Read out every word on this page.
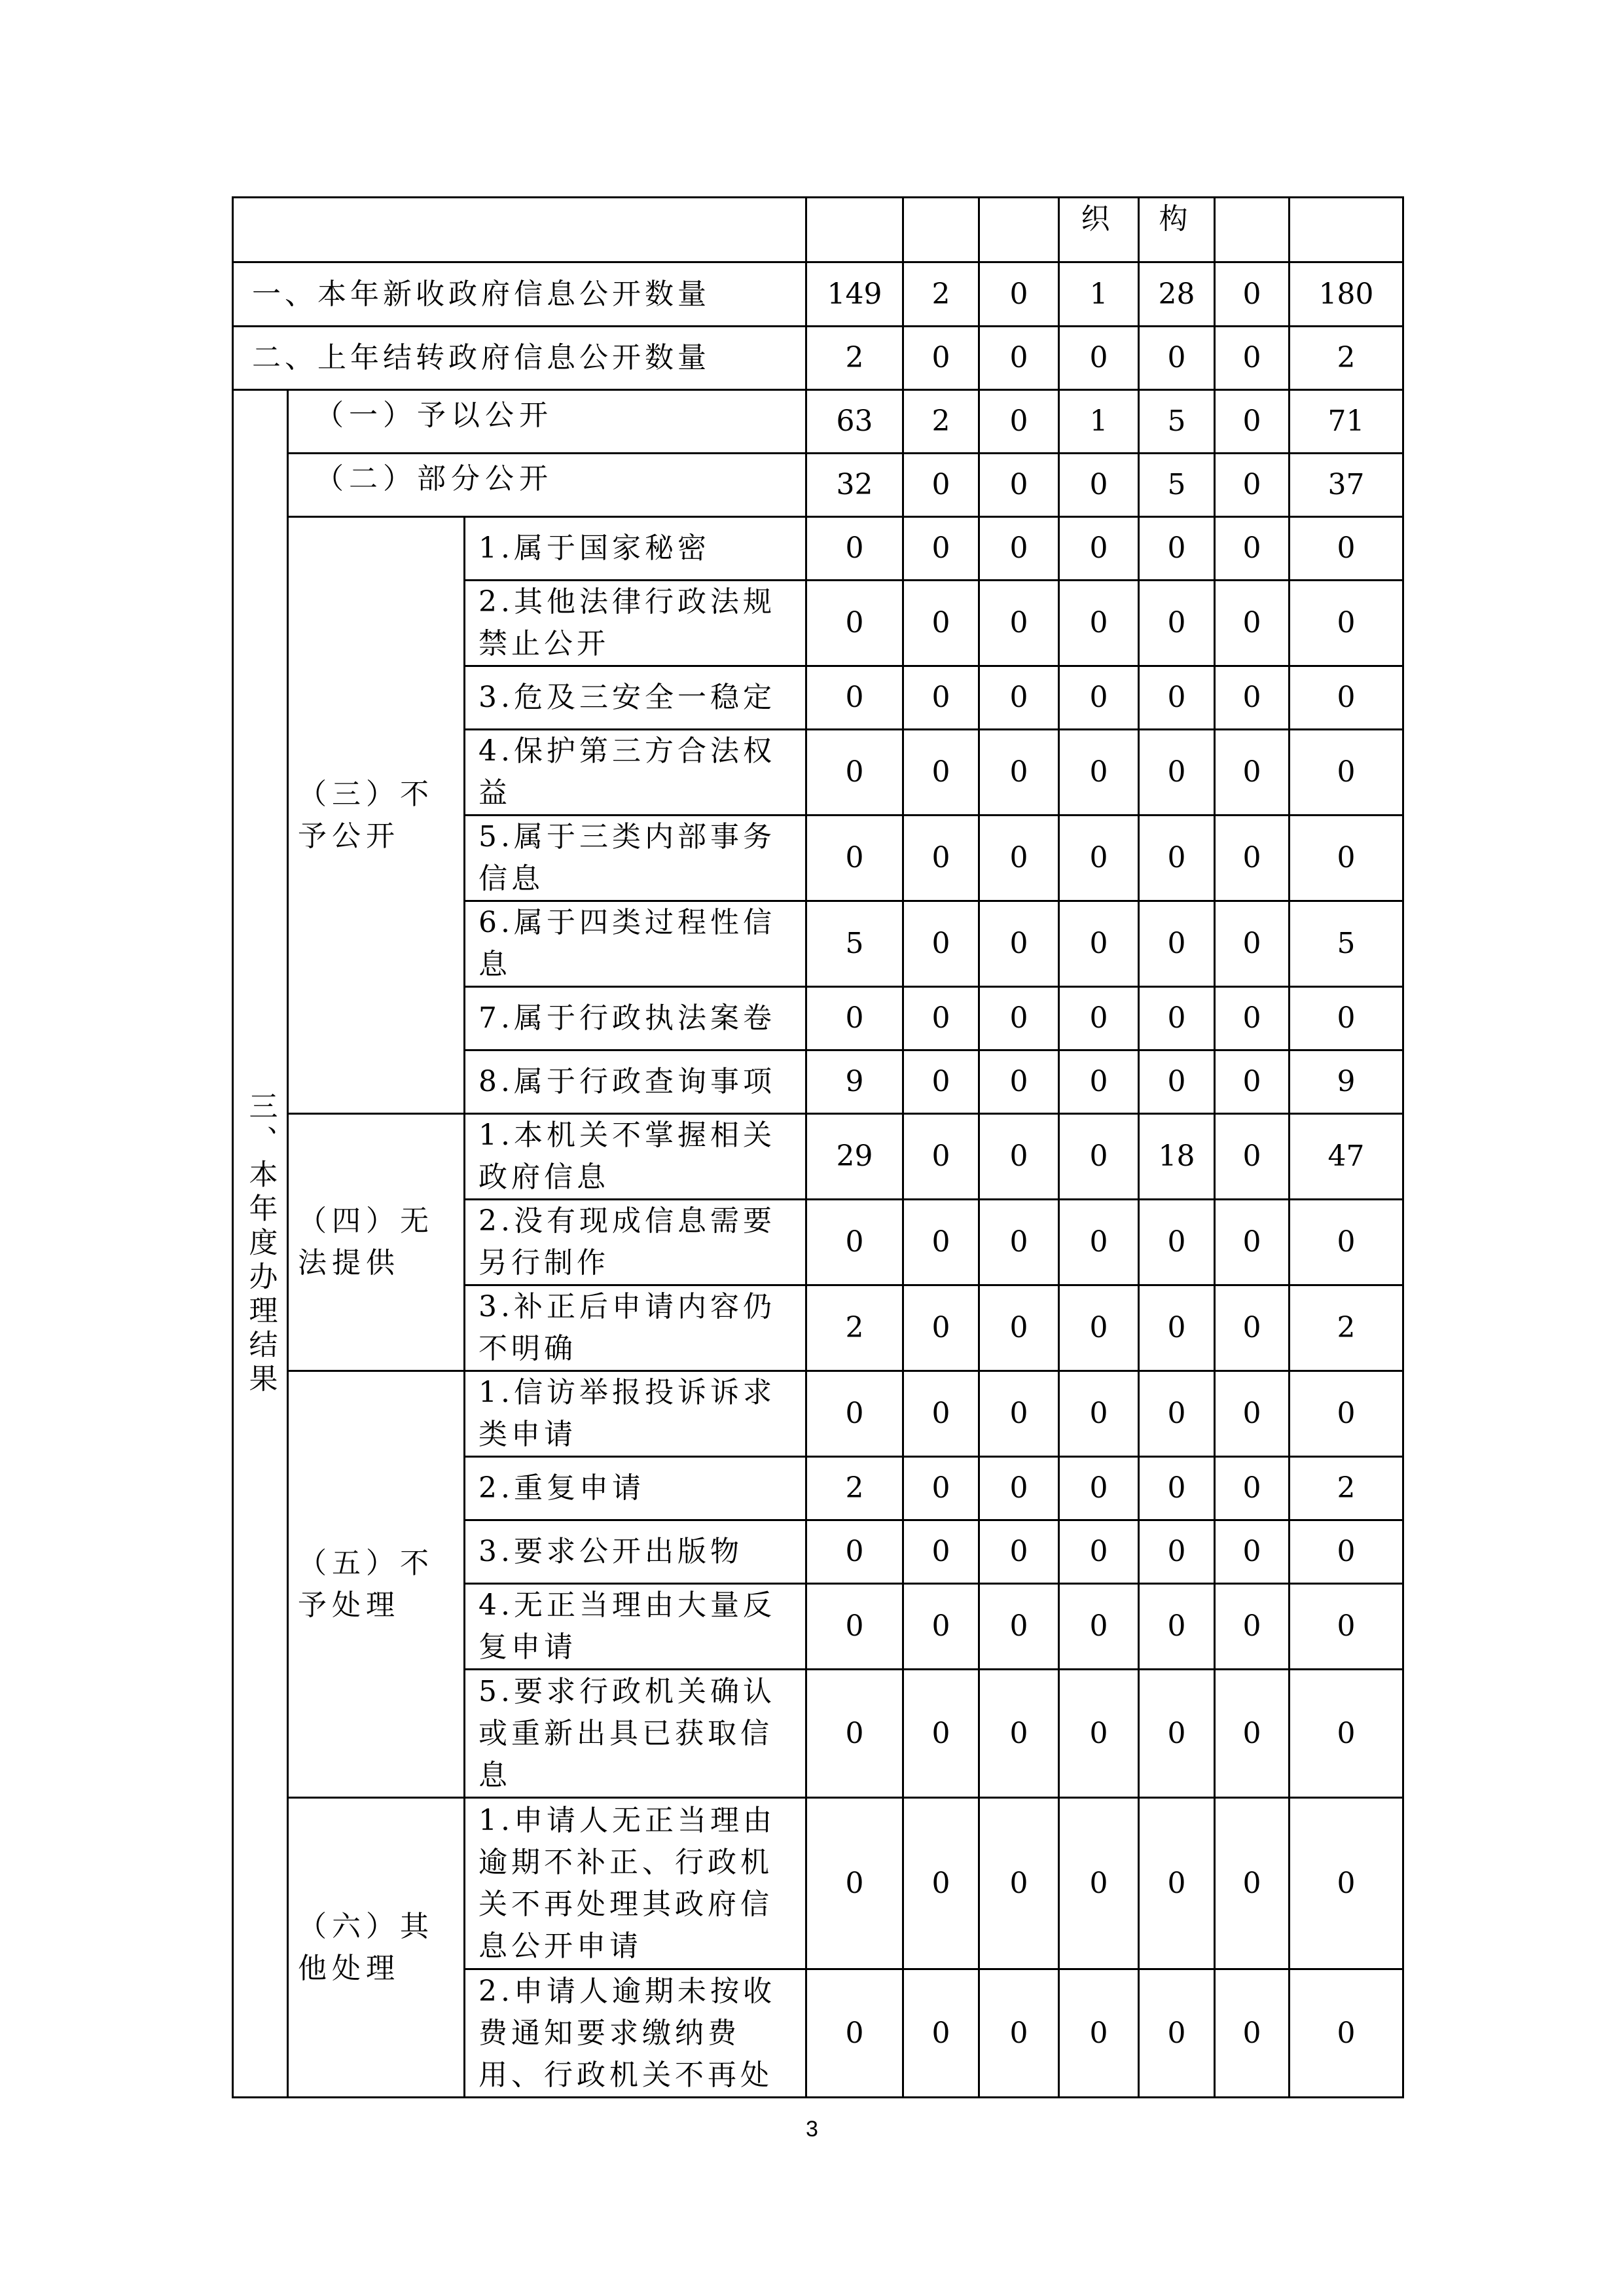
						织	构		
一、本年新收政府信息公开数量			149	2	0	1	28	0	180
二、上年结转政府信息公开数量			2	0	0	0	0	0	2
三、本年度办理结果	（一）予以公开		63	2	0	1	5	0	71
	（二）部分公开		32	0	0	0	5	0	37
	（三）不予公开	1.属于国家秘密	0	0	0	0	0	0	0
		2.其他法律行政法规禁止公开	0	0	0	0	0	0	0
		3.危及三安全一稳定	0	0	0	0	0	0	0
		4.保护第三方合法权益	0	0	0	0	0	0	0
		5.属于三类内部事务信息	0	0	0	0	0	0	0
		6.属于四类过程性信息	5	0	0	0	0	0	5
		7.属于行政执法案卷	0	0	0	0	0	0	0
		8.属于行政查询事项	9	0	0	0	0	0	9
	（四）无法提供	1.本机关不掌握相关政府信息	29	0	0	0	18	0	47
		2.没有现成信息需要另行制作	0	0	0	0	0	0	0
		3.补正后申请内容仍不明确	2	0	0	0	0	0	2
	（五）不予处理	1.信访举报投诉诉求类申请	0	0	0	0	0	0	0
		2.重复申请	2	0	0	0	0	0	2
		3.要求公开出版物	0	0	0	0	0	0	0
		4.无正当理由大量反复申请	0	0	0	0	0	0	0
		5.要求行政机关确认或重新出具已获取信息	0	0	0	0	0	0	0
	（六）其他处理	1.申请人无正当理由逾期不补正、行政机关不再处理其政府信息公开申请	0	0	0	0	0	0	0
		2.申请人逾期未按收费通知要求缴纳费用、行政机关不再处	0	0	0	0	0	0	0
3
